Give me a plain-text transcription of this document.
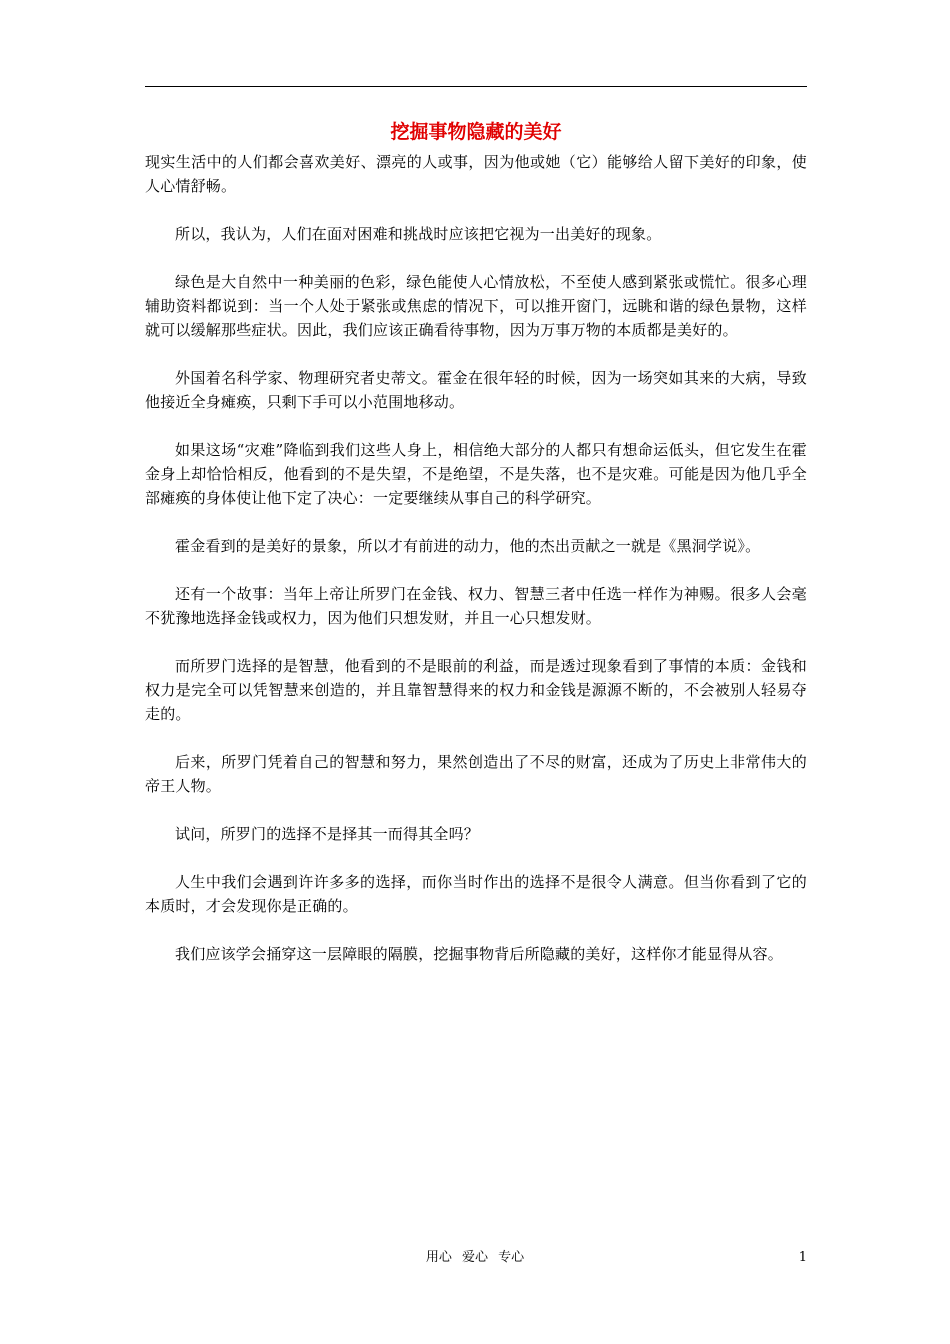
挖掘事物隐藏的美好

现实生活中的人们都会喜欢美好、漂亮的人或事，因为他或她（它）能够给人留下美好的印象，使人心情舒畅。

所以，我认为，人们在面对困难和挑战时应该把它视为一出美好的现象。

绿色是大自然中一种美丽的色彩，绿色能使人心情放松，不至使人感到紧张或慌忙。很多心理辅助资料都说到：当一个人处于紧张或焦虑的情况下，可以推开窗门，远眺和谐的绿色景物，这样就可以缓解那些症状。因此，我们应该正确看待事物，因为万事万物的本质都是美好的。

外国着名科学家、物理研究者史蒂文。霍金在很年轻的时候，因为一场突如其来的大病，导致他接近全身瘫痪，只剩下手可以小范围地移动。

如果这场“灾难”降临到我们这些人身上，相信绝大部分的人都只有想命运低头，但它发生在霍金身上却恰恰相反，他看到的不是失望，不是绝望，不是失落，也不是灾难。可能是因为他几乎全部瘫痪的身体使让他下定了决心：一定要继续从事自己的科学研究。

霍金看到的是美好的景象，所以才有前进的动力，他的杰出贡献之一就是《黑洞学说》。

还有一个故事：当年上帝让所罗门在金钱、权力、智慧三者中任选一样作为神赐。很多人会毫不犹豫地选择金钱或权力，因为他们只想发财，并且一心只想发财。

而所罗门选择的是智慧，他看到的不是眼前的利益，而是透过现象看到了事情的本质：金钱和权力是完全可以凭智慧来创造的，并且靠智慧得来的权力和金钱是源源不断的，不会被别人轻易夺走的。

后来，所罗门凭着自己的智慧和努力，果然创造出了不尽的财富，还成为了历史上非常伟大的帝王人物。

试问，所罗门的选择不是择其一而得其全吗？

人生中我们会遇到许许多多的选择，而你当时作出的选择不是很令人满意。但当你看到了它的本质时，才会发现你是正确的。

我们应该学会捅穿这一层障眼的隔膜，挖掘事物背后所隐藏的美好，这样你才能显得从容。

用心 爱心 专心	1
